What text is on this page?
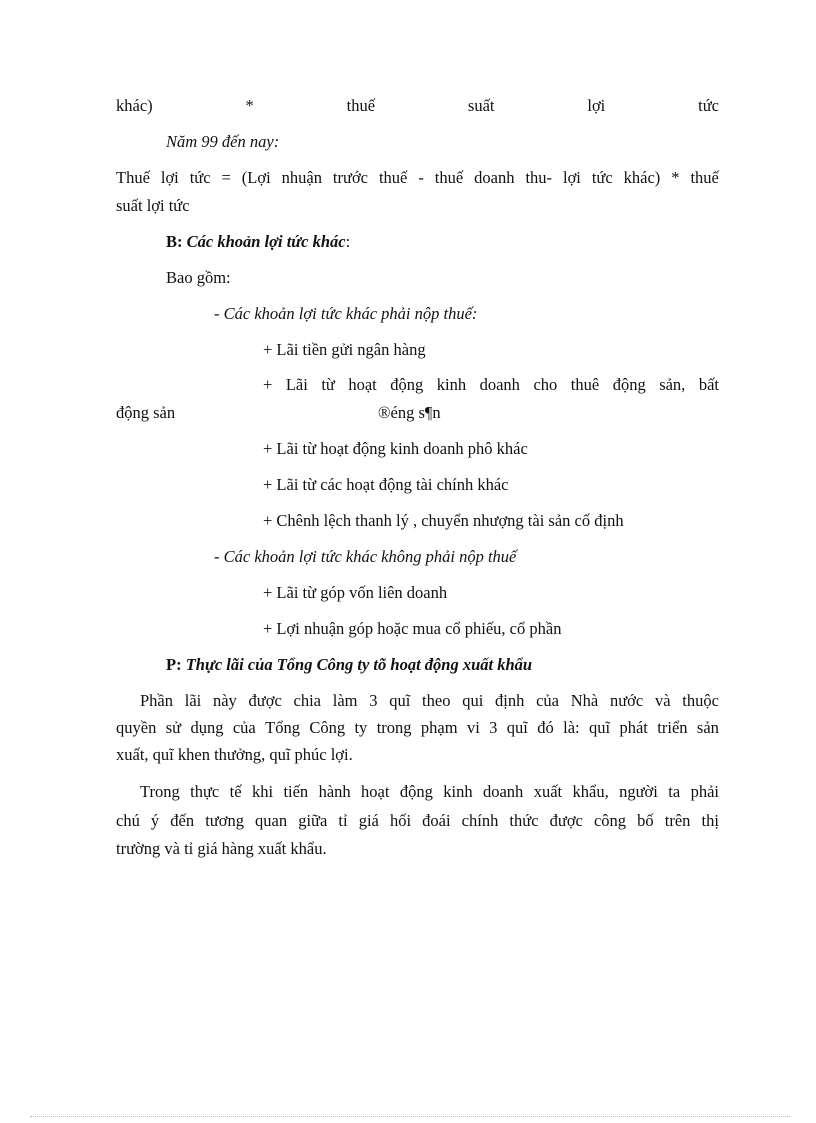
khác)	*	thuế	suất	lợi	tức
Năm 99 đến nay:
Thuế lợi tức = (Lợi nhuận trước thuế - thuế doanh thu- lợi tức khác) * thuế
suất lợi tức
B: Các khoản lợi tức khác:
Bao gồm:
- Các khoản lợi tức khác phải nộp thuế:
+ Lãi tiền gửi ngân hàng
+ Lãi từ hoạt động kinh doanh cho thuê động sản, bất
động sản	®éng s¶n
+ Lãi từ hoạt động kinh doanh phô khác
+ Lãi từ các hoạt động tài chính khác
+ Chênh lệch thanh lý , chuyển nhượng tài sản cố định
- Các khoản lợi tức khác không phải nộp thuế
+ Lãi từ góp vốn liên doanh
+ Lợi nhuận góp hoặc mua cổ phiếu, cổ phần
P: Thực lãi của Tổng Công ty tõ hoạt động xuất khẩu
Phần lãi này được chia làm 3 quĩ theo qui định của Nhà nước và thuộc
quyền sử dụng của Tổng Công ty trong phạm vi 3 quĩ đó là: quĩ phát triển sản
xuất, quĩ khen thưởng, quĩ phúc lợi.
Trong thực tế khi tiến hành hoạt động kinh doanh xuất khẩu, người ta phải
chú ý đến tương quan giữa tỉ giá hối đoái chính thức được công bố trên thị
trường và tỉ giá hàng xuất khẩu.
